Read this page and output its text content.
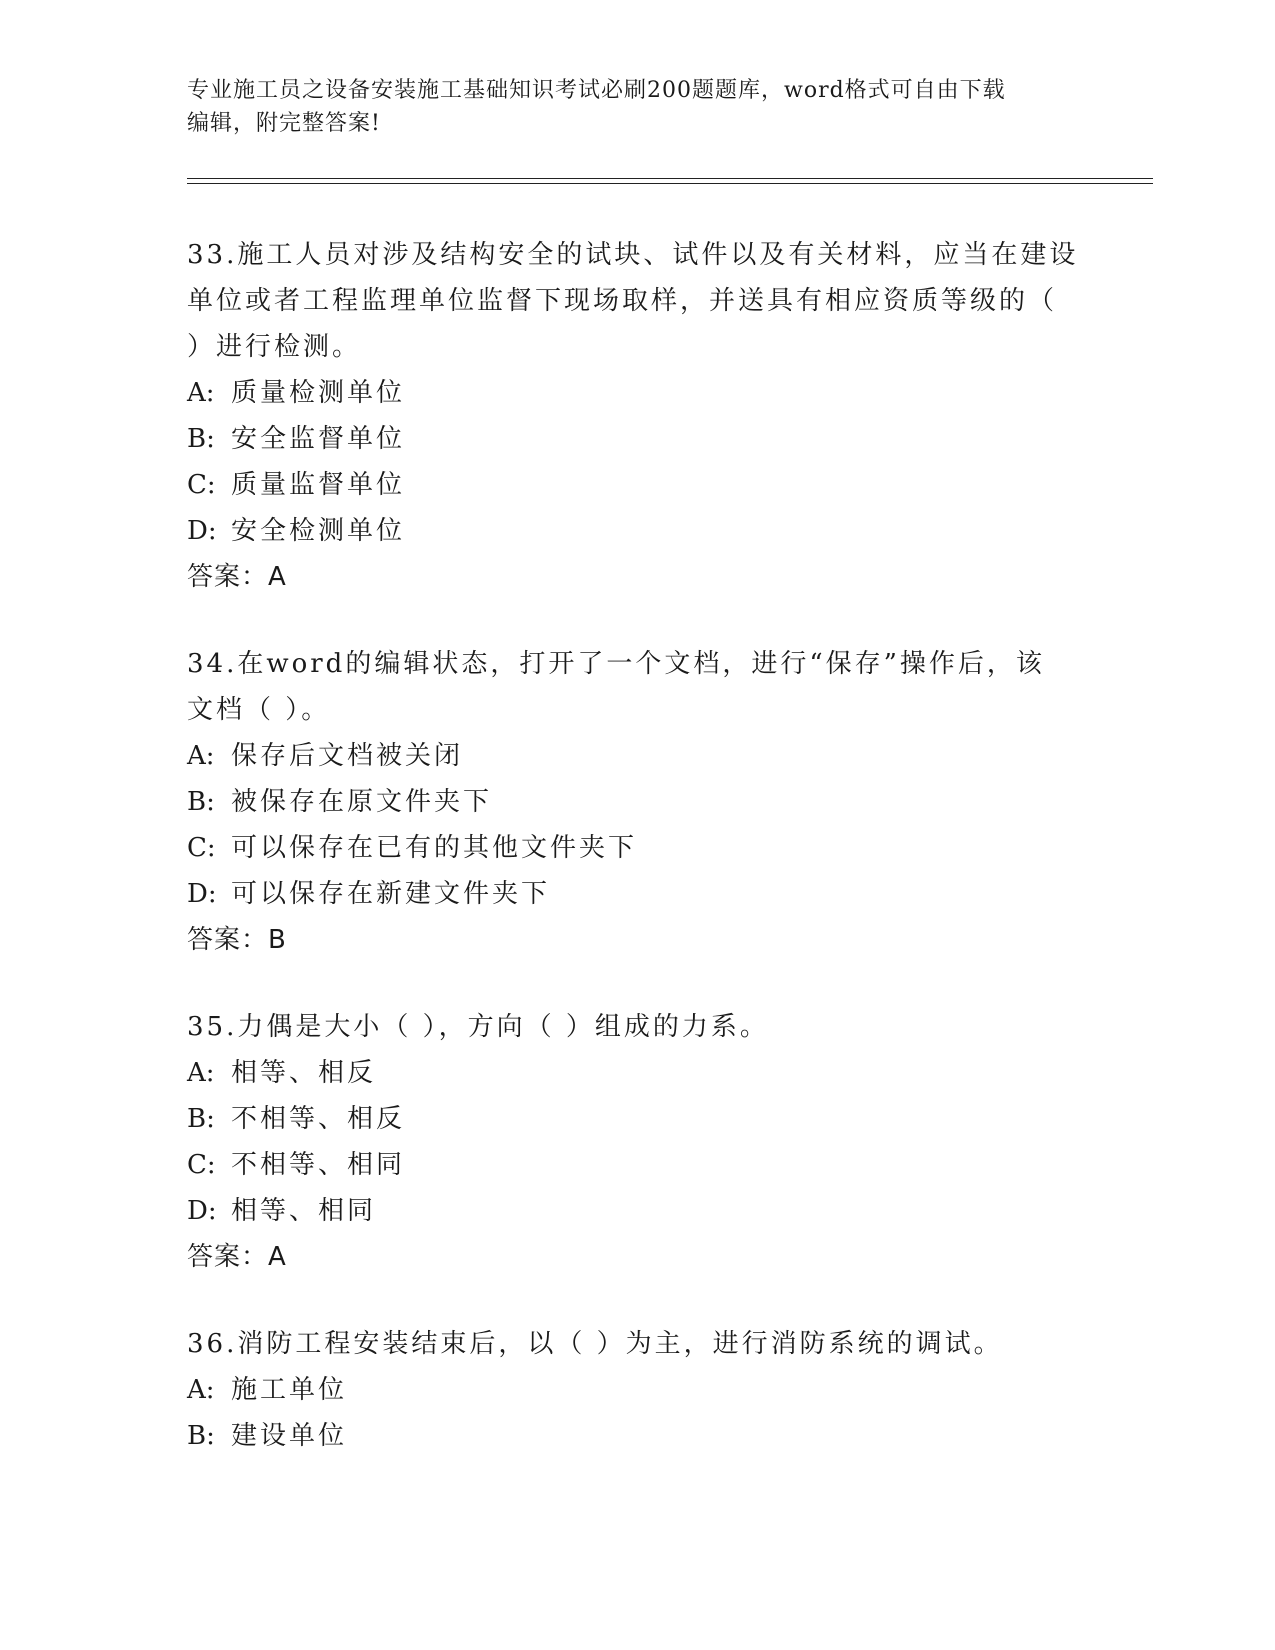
专业施工员之设备安装施工基础知识考试必刷200题题库，word格式可自由下载
编辑，附完整答案!

33.施工人员对涉及结构安全的试块、试件以及有关材料，应当在建设

单位或者工程监理单位监督下现场取样，并送具有相应资质等级的（

）进行检测。

A: 质量检测单位

B: 安全监督单位

C: 质量监督单位

D: 安全检测单位

答案：A

34.在word的编辑状态，打开了一个文档，进行“保存”操作后，该

文档（ ）。

A: 保存后文档被关闭

B: 被保存在原文件夹下

C: 可以保存在已有的其他文件夹下

D: 可以保存在新建文件夹下

答案：B

35.力偶是大小（ ），方向（ ）组成的力系。

A: 相等、相反

B: 不相等、相反

C: 不相等、相同

D: 相等、相同

答案：A

36.消防工程安装结束后，以（ ）为主，进行消防系统的调试。

A: 施工单位

B: 建设单位
